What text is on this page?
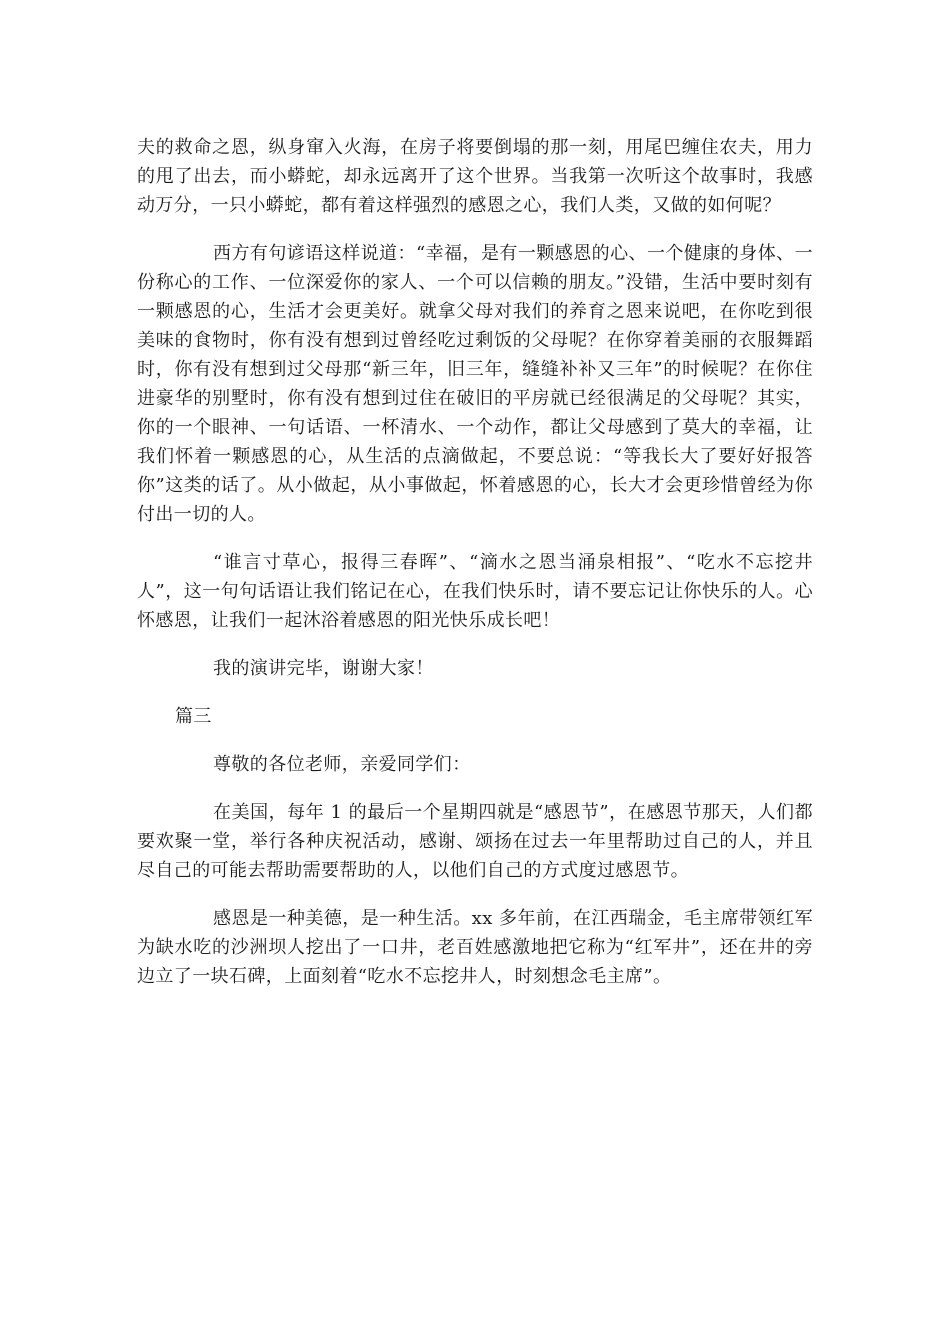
夫的救命之恩，纵身窜入火海，在房子将要倒塌的那一刻，用尾巴缠住农夫，用力的甩了出去，而小蟒蛇，却永远离开了这个世界。当我第一次听这个故事时，我感动万分，一只小蟒蛇，都有着这样强烈的感恩之心，我们人类，又做的如何呢？

西方有句谚语这样说道：“幸福，是有一颗感恩的心、一个健康的身体、一份称心的工作、一位深爱你的家人、一个可以信赖的朋友。”没错，生活中要时刻有一颗感恩的心，生活才会更美好。就拿父母对我们的养育之恩来说吧，在你吃到很美味的食物时，你有没有想到过曾经吃过剩饭的父母呢？在你穿着美丽的衣服舞蹈时，你有没有想到过父母那“新三年，旧三年，缝缝补补又三年”的时候呢？在你住进豪华的别墅时，你有没有想到过住在破旧的平房就已经很满足的父母呢？其实，你的一个眼神、一句话语、一杯清水、一个动作，都让父母感到了莫大的幸福，让我们怀着一颗感恩的心，从生活的点滴做起，不要总说：“等我长大了要好好报答你”这类的话了。从小做起，从小事做起，怀着感恩的心，长大才会更珍惜曾经为你付出一切的人。

“谁言寸草心，报得三春晖”、“滴水之恩当涌泉相报”、“吃水不忘挖井人”，这一句句话语让我们铭记在心，在我们快乐时，请不要忘记让你快乐的人。心怀感恩，让我们一起沐浴着感恩的阳光快乐成长吧！

我的演讲完毕，谢谢大家！

篇三

尊敬的各位老师，亲爱同学们：

在美国，每年 1 的最后一个星期四就是“感恩节”，在感恩节那天，人们都要欢聚一堂，举行各种庆祝活动，感谢、颂扬在过去一年里帮助过自己的人，并且尽自己的可能去帮助需要帮助的人，以他们自己的方式度过感恩节。

感恩是一种美德，是一种生活。xx 多年前，在江西瑞金，毛主席带领红军为缺水吃的沙洲坝人挖出了一口井，老百姓感激地把它称为“红军井”，还在井的旁边立了一块石碑，上面刻着“吃水不忘挖井人，时刻想念毛主席”。
